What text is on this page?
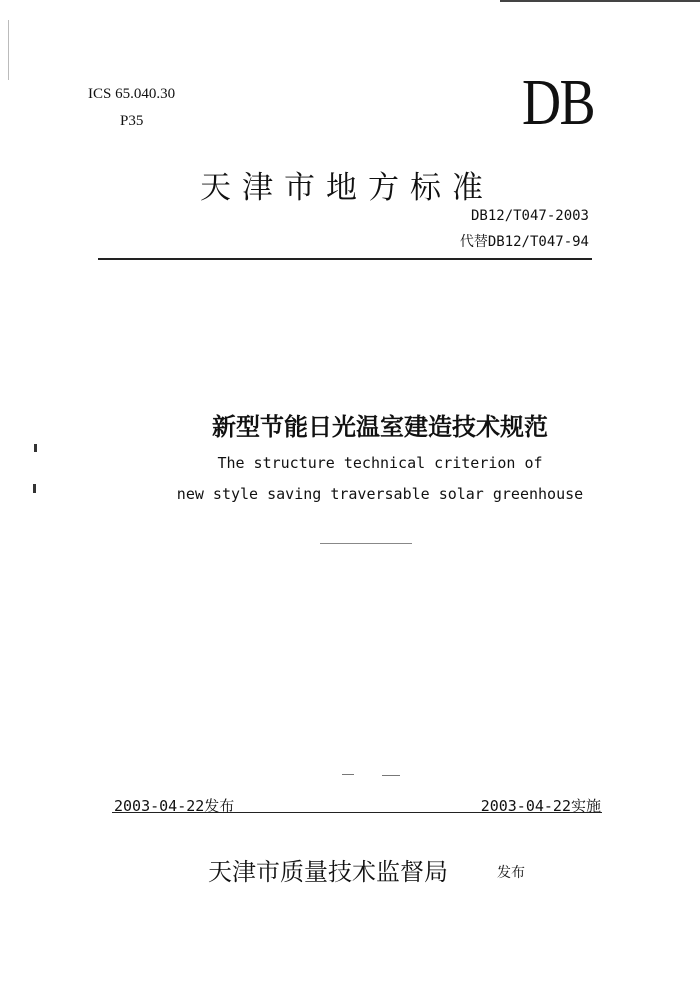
ICS 65.040.30
P35	DB
天津市地方标准
DB12/T047-2003
代替DB12/T047-94
新型节能日光温室建造技术规范
The structure technical criterion of
new style saving traversable solar greenhouse
2003-04-22发布	2003-04-22实施
天津市质量技术监督局	发布
